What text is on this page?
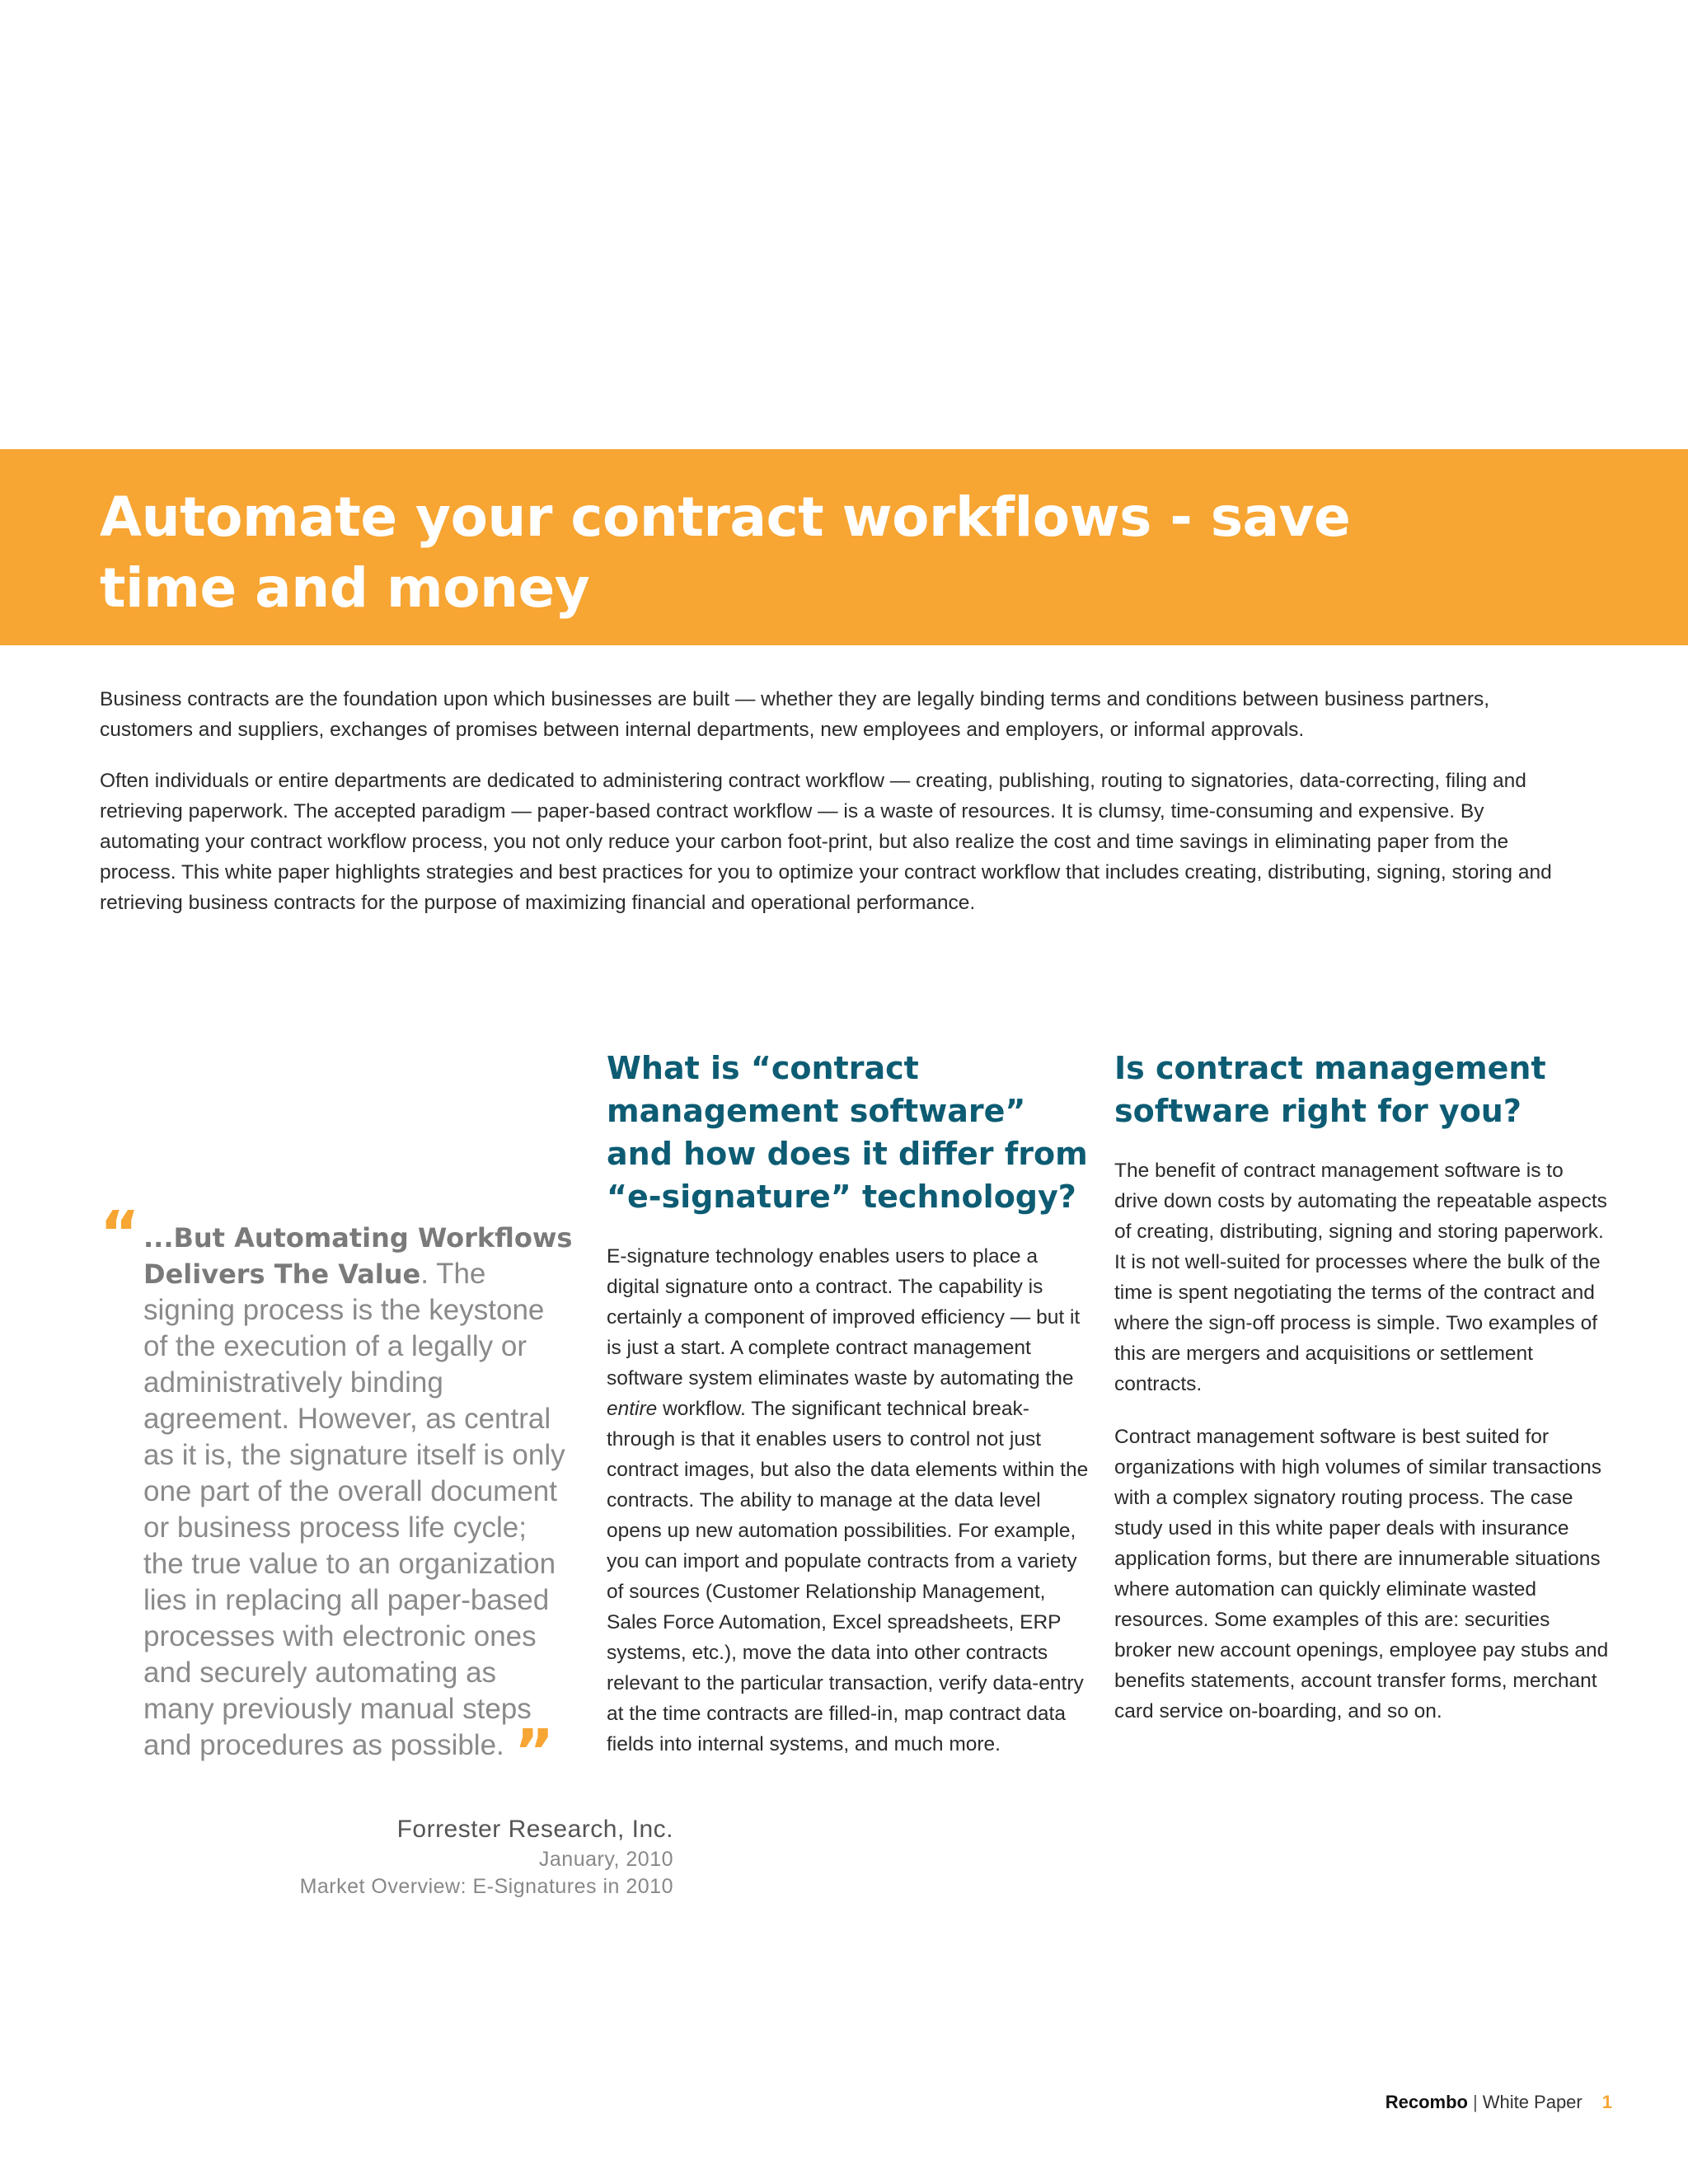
Automate your contract workflows - save time and money

Business contracts are the foundation upon which businesses are built — whether they are legally binding terms and conditions between business partners, customers and suppliers, exchanges of promises between internal departments, new employees and employers, or informal approvals.

Often individuals or entire departments are dedicated to administering contract workflow — creating, publishing, routing to signatories, data-correcting, filing and retrieving paperwork. The accepted paradigm — paper-based contract workflow — is a waste of resources. It is clumsy, time-consuming and expensive. By automating your contract workflow process, you not only reduce your carbon foot-print, but also realize the cost and time savings in eliminating paper from the process. This white paper highlights strategies and best practices for you to optimize your contract workflow that includes creating, distributing, signing, storing and retrieving business contracts for the purpose of maximizing financial and operational performance.

“ ...But Automating Workflows Delivers The Value. The signing process is the keystone of the execution of a legally or administratively binding agreement. However, as central as it is, the signature itself is only one part of the overall document or business process life cycle; the true value to an organization lies in replacing all paper-based processes with electronic ones and securely automating as many previously manual steps and procedures as possible. ”
Forrester Research, Inc.
January, 2010
Market Overview: E-Signatures in 2010
What is “contract management software” and how does it differ from “e-signature” technology?

E-signature technology enables users to place a digital signature onto a contract. The capability is certainly a component of improved efficiency — but it is just a start. A complete contract management software system eliminates waste by automating the entire workflow. The significant technical break-through is that it enables users to control not just contract images, but also the data elements within the contracts. The ability to manage at the data level opens up new automation possibilities. For example, you can import and populate contracts from a variety of sources (Customer Relationship Management, Sales Force Automation, Excel spreadsheets, ERP systems, etc.), move the data into other contracts relevant to the particular transaction, verify data-entry at the time contracts are filled-in, map contract data fields into internal systems, and much more.

Is contract management software right for you?

The benefit of contract management software is to drive down costs by automating the repeatable aspects of creating, distributing, signing and storing paperwork. It is not well-suited for processes where the bulk of the time is spent negotiating the terms of the contract and where the sign-off process is simple. Two examples of this are mergers and acquisitions or settlement contracts.

Contract management software is best suited for organizations with high volumes of similar transactions with a complex signatory routing process. The case study used in this white paper deals with insurance application forms, but there are innumerable situations where automation can quickly eliminate wasted resources. Some examples of this are: securities broker new account openings, employee pay stubs and benefits statements, account transfer forms, merchant card service on-boarding, and so on.

Recombo | White Paper 1
